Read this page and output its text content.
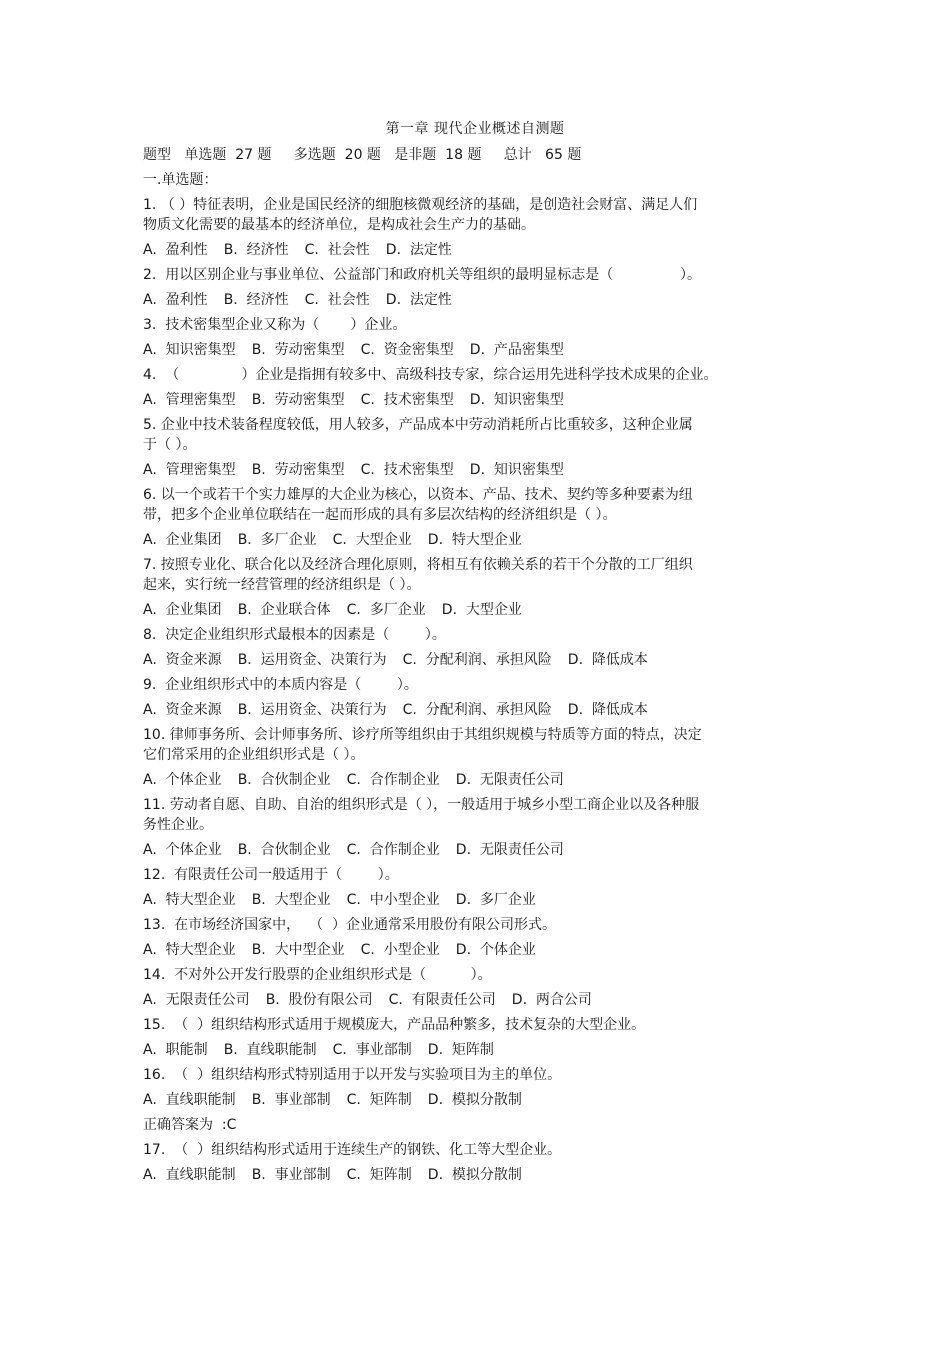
第一章 现代企业概述自测题
题型   单选题  27 题     多选题  20 题   是非题  18 题     总计   65 题
一.单选题：
1. （ ）特征表明，企业是国民经济的细胞核微观经济的基础，是创造社会财富、满足人们
物质文化需要的最基本的经济单位，是构成社会生产力的基础。
A.  盈利性 B.  经济性 C.  社会性 D.  法定性
2.  用以区别企业与事业单位、公益部门和政府机关等组织的最明显标志是（               ）。
A.  盈利性 B.  经济性 C.  社会性 D.  法定性
3.  技术密集型企业又称为（       ）企业。
A.  知识密集型 B.  劳动密集型 C.  资金密集型 D.  产品密集型
4.  （              ）企业是指拥有较多中、高级科技专家，综合运用先进科学技术成果的企业。
A.  管理密集型 B.  劳动密集型 C.  技术密集型 D.  知识密集型
5. 企业中技术装备程度较低，用人较多，产品成本中劳动消耗所占比重较多，这种企业属
于（ ）。
A.  管理密集型 B.  劳动密集型 C.  技术密集型 D.  知识密集型
6. 以一个或若干个实力雄厚的大企业为核心，以资本、产品、技术、契约等多种要素为纽
带，把多个企业单位联结在一起而形成的具有多层次结构的经济组织是（ ）。
A.  企业集团 B.  多厂企业 C.  大型企业 D.  特大型企业
7. 按照专业化、联合化以及经济合理化原则，将相互有依赖关系的若干个分散的工厂组织
起来，实行统一经营管理的经济组织是（ ）。
A.  企业集团 B.  企业联合体 C.  多厂企业 D.  大型企业
8.  决定企业组织形式最根本的因素是（        ）。
A.  资金来源 B.  运用资金、决策行为 C.  分配利润、承担风险 D.  降低成本
9.  企业组织形式中的本质内容是（        ）。
A.  资金来源 B.  运用资金、决策行为 C.  分配利润、承担风险 D.  降低成本
10. 律师事务所、会计师事务所、诊疗所等组织由于其组织规模与特质等方面的特点，决定
它们常采用的企业组织形式是（ ）。
A.  个体企业 B.  合伙制企业 C.  合作制企业 D.  无限责任公司
11. 劳动者自愿、自助、自治的组织形式是（ ），一般适用于城乡小型工商企业以及各种服
务性企业。
A.  个体企业 B.  合伙制企业 C.  合作制企业 D.  无限责任公司
12.  有限责任公司一般适用于（        ）。
A.  特大型企业 B.  大型企业 C.  中小型企业 D.  多厂企业
13.  在市场经济国家中，  （  ）企业通常采用股份有限公司形式。
A.  特大型企业 B.  大中型企业 C.  小型企业 D.  个体企业
14.  不对外公开发行股票的企业组织形式是（          ）。
A.  无限责任公司 B.  股份有限公司 C.  有限责任公司 D.  两合公司
15.  （  ）组织结构形式适用于规模庞大，产品品种繁多，技术复杂的大型企业。
A.  职能制 B.  直线职能制 C.  事业部制 D.  矩阵制
16.  （  ）组织结构形式特别适用于以开发与实验项目为主的单位。
A.  直线职能制 B.  事业部制 C.  矩阵制 D.  模拟分散制
正确答案为  :C
17.  （  ）组织结构形式适用于连续生产的钢铁、化工等大型企业。
A.  直线职能制 B.  事业部制 C.  矩阵制 D.  模拟分散制
